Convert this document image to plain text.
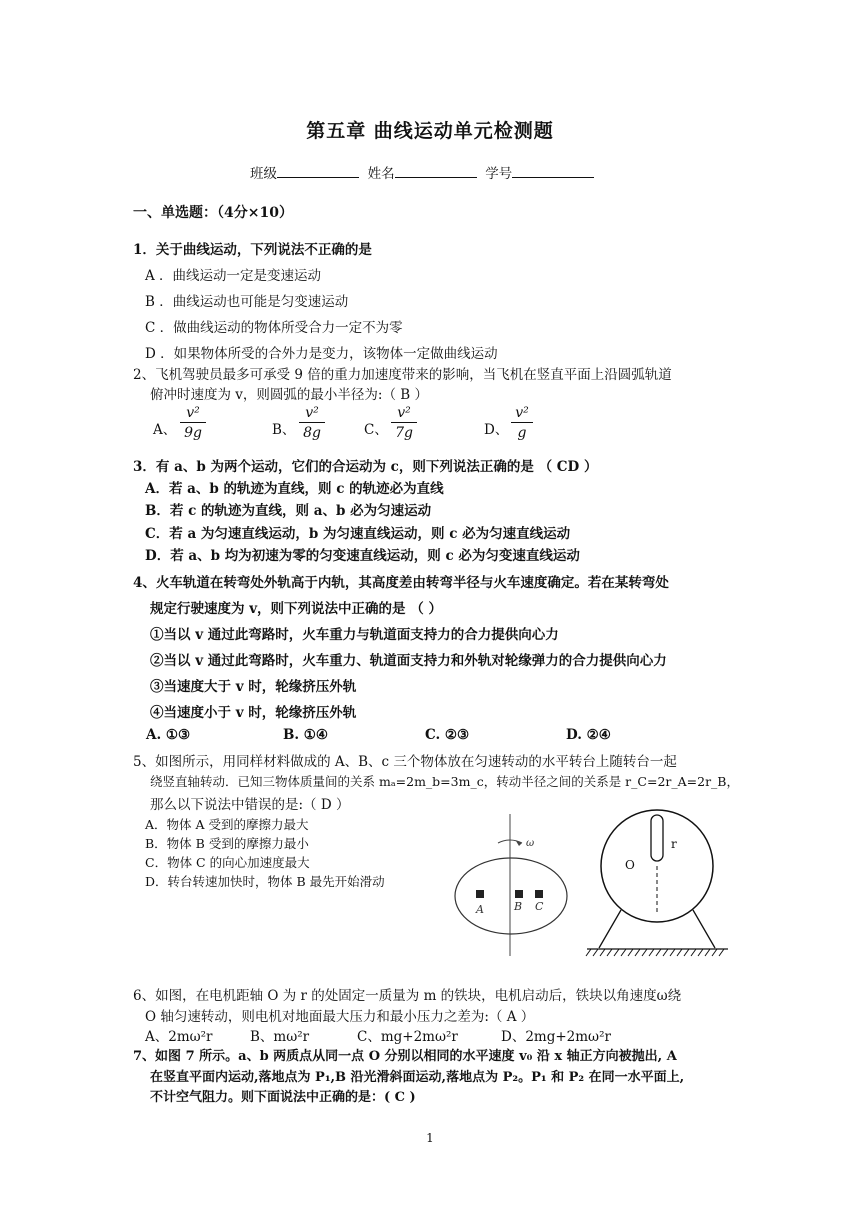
第五章 曲线运动单元检测题
班级	姓名	学号
一、单选题：（4分×10）
1．关于曲线运动，下列说法不正确的是
A ．曲线运动一定是变速运动
B ．曲线运动也可能是匀变速运动
C ．做曲线运动的物体所受合力一定不为零
D ．如果物体所受的合外力是变力，该物体一定做曲线运动
2、飞机驾驶员最多可承受 9 倍的重力加速度带来的影响，当飞机在竖直平面上沿圆弧轨道
俯冲时速度为 v，则圆弧的最小半径为:（ B ）
A、
v²
9g	B、
v²
8g	C、
v²
7g	D、
v²
g
3．有 a、b 为两个运动，它们的合运动为 c，则下列说法正确的是 （ CD ）
A．若 a、b 的轨迹为直线，则 c 的轨迹必为直线
B．若 c 的轨迹为直线，则 a、b 必为匀速运动
C．若 a 为匀速直线运动，b 为匀速直线运动，则 c 必为匀速直线运动
D．若 a、b 均为初速为零的匀变速直线运动，则 c 必为匀变速直线运动
4、火车轨道在转弯处外轨高于内轨，其高度差由转弯半径与火车速度确定。若在某转弯处
规定行驶速度为 v，则下列说法中正确的是 （ ）
①当以 v 通过此弯路时，火车重力与轨道面支持力的合力提供向心力
②当以 v 通过此弯路时，火车重力、轨道面支持力和外轨对轮缘弹力的合力提供向心力
③当速度大于 v 时，轮缘挤压外轨
④当速度小于 v 时，轮缘挤压外轨
A. ①③	B. ①④	C. ②③	D. ②④
5、如图所示，用同样材料做成的 A、B、c 三个物体放在匀速转动的水平转台上随转台一起
绕竖直轴转动．已知三物体质量间的关系 mₐ=2m_b=3m_c，转动半径之间的关系是 r_C=2r_A=2r_B，
那么以下说法中错误的是:（ D ）
A．物体 A 受到的摩擦力最大
B．物体 B 受到的摩擦力最小
C．物体 C 的向心加速度最大
D．转台转速加快时，物体 B 最先开始滑动
ω
A	B C
r
O
6、如图，在电机距轴 O 为 r 的处固定一质量为 m 的铁块，电机启动后，铁块以角速度ω绕
O 轴匀速转动，则电机对地面最大压力和最小压力之差为:（ A ）
A、2mω²r	B、mω²r	C、mg+2mω²r	D、2mg+2mω²r
7、如图 7 所示。a、b 两质点从同一点 O 分别以相同的水平速度 v₀ 沿 x 轴正方向被抛出, A
在竖直平面内运动,落地点为 P₁,B 沿光滑斜面运动,落地点为 P₂。P₁ 和 P₂ 在同一水平面上,
不计空气阻力。则下面说法中正确的是：( C )
1
